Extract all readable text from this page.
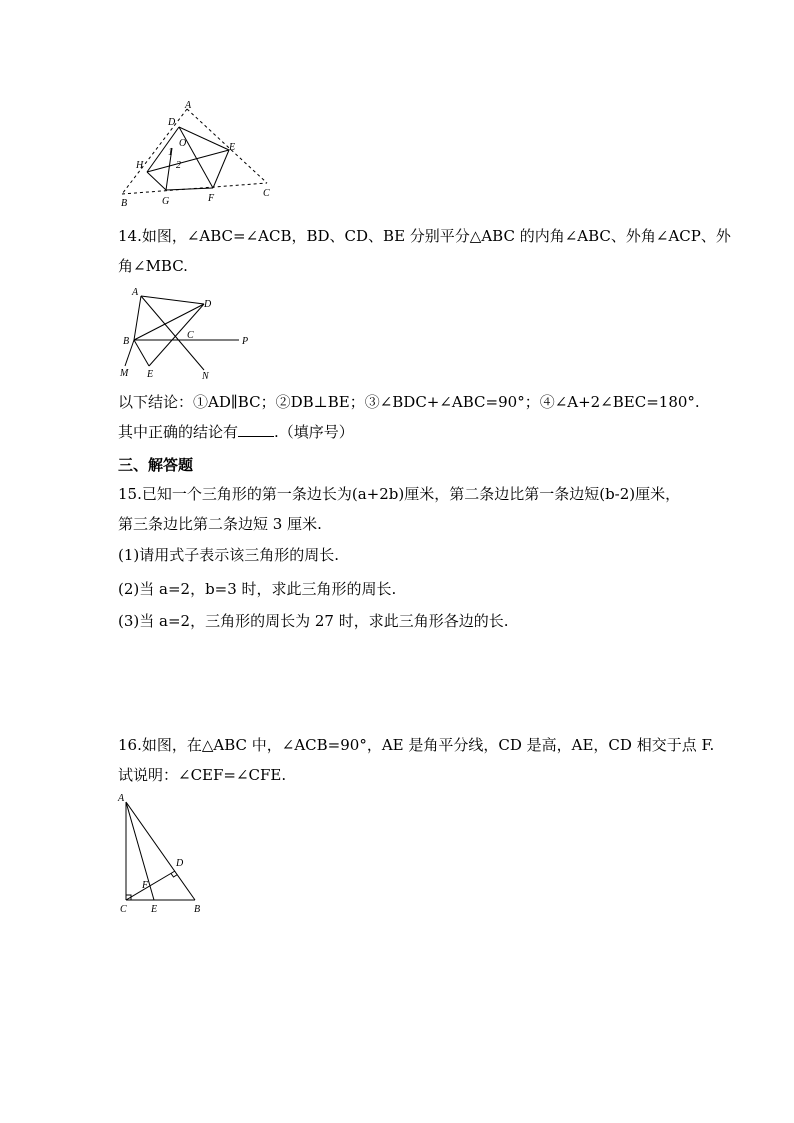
A
D
O	E
H
1
2
B	G	F	C
14.如图，∠ABC=∠ACB，BD、CD、BE 分别平分△ABC 的内角∠ABC、外角∠ACP、外
角∠MBC.
A
D
B
C
P
M E	N
以下结论：①AD∥BC；②DB⊥BE；③∠BDC+∠ABC=90°；④∠A+2∠BEC=180°.
其中正确的结论有 .（填序号）
三、解答题
15.已知一个三角形的第一条边长为(a+2b)厘米，第二条边比第一条边短(b-2)厘米，
第三条边比第二条边短 3 厘米.
(1)请用式子表示该三角形的周长.
(2)当 a=2，b=3 时，求此三角形的周长.
(3)当 a=2，三角形的周长为 27 时，求此三角形各边的长.
16.如图，在△ABC 中，∠ACB=90°，AE 是角平分线，CD 是高，AE，CD 相交于点 F.
试说明：∠CEF=∠CFE.
A
D
F
C E	B
